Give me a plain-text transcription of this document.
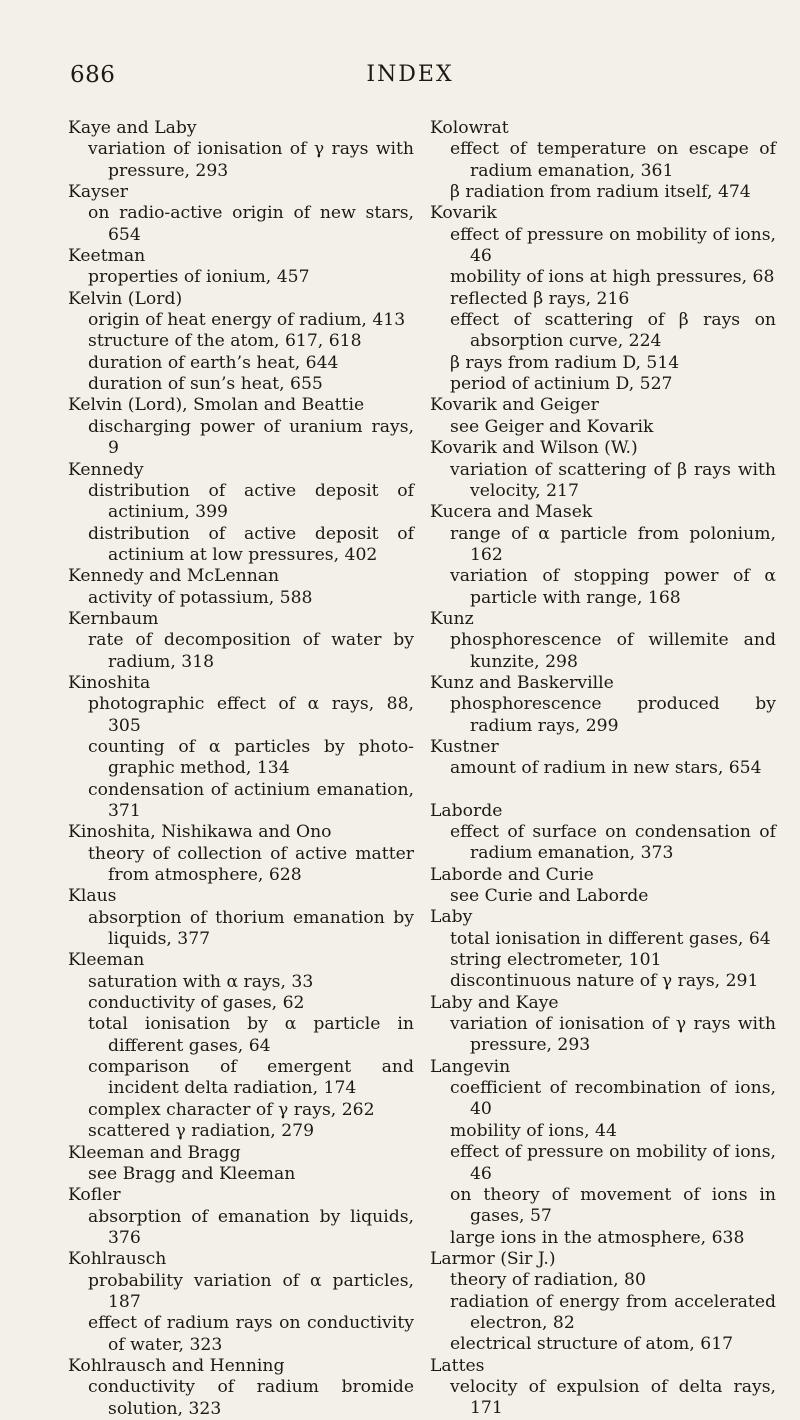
686	INDEX
Kaye and Laby
variation of ionisation of γ rays with pressure, 293
Kayser
on radio-active origin of new stars, 654
Keetman
properties of ionium, 457
Kelvin (Lord)
origin of heat energy of radium, 413
structure of the atom, 617, 618
duration of earth’s heat, 644
duration of sun’s heat, 655
Kelvin (Lord), Smolan and Beattie
discharging power of uranium rays, 9
Kennedy
distribution of active deposit of actinium, 399
distribution of active deposit of actinium at low pressures, 402
Kennedy and McLennan
activity of potassium, 588
Kernbaum
rate of decomposition of water by radium, 318
Kinoshita
photographic effect of α rays, 88, 305
counting of α particles by photo-graphic method, 134
condensation of actinium emanation, 371
Kinoshita, Nishikawa and Ono
theory of collection of active matter from atmosphere, 628
Klaus
absorption of thorium emanation by liquids, 377
Kleeman
saturation with α rays, 33
conductivity of gases, 62
total ionisation by α particle in different gases, 64
comparison of emergent and incident delta radiation, 174
complex character of γ rays, 262
scattered γ radiation, 279
Kleeman and Bragg
see Bragg and Kleeman
Kofler
absorption of emanation by liquids, 376
Kohlrausch
probability variation of α particles, 187
effect of radium rays on conductivity of water, 323
Kohlrausch and Henning
conductivity of radium bromide solution, 323
Kolowrat
effect of temperature on escape of radium emanation, 361
β radiation from radium itself, 474
Kovarik
effect of pressure on mobility of ions, 46
mobility of ions at high pressures, 68
reflected β rays, 216
effect of scattering of β rays on absorption curve, 224
β rays from radium D, 514
period of actinium D, 527
Kovarik and Geiger
see Geiger and Kovarik
Kovarik and Wilson (W.)
variation of scattering of β rays with velocity, 217
Kucera and Masek
range of α particle from polonium, 162
variation of stopping power of α particle with range, 168
Kunz
phosphorescence of willemite and kunzite, 298
Kunz and Baskerville
phosphorescence produced by radium rays, 299
Kustner
amount of radium in new stars, 654
Laborde
effect of surface on condensation of radium emanation, 373
Laborde and Curie
see Curie and Laborde
Laby
total ionisation in different gases, 64
string electrometer, 101
discontinuous nature of γ rays, 291
Laby and Kaye
variation of ionisation of γ rays with pressure, 293
Langevin
coefficient of recombination of ions, 40
mobility of ions, 44
effect of pressure on mobility of ions, 46
on theory of movement of ions in gases, 57
large ions in the atmosphere, 638
Larmor (Sir J.)
theory of radiation, 80
radiation of energy from accelerated electron, 82
electrical structure of atom, 617
Lattes
velocity of expulsion of delta rays, 171
